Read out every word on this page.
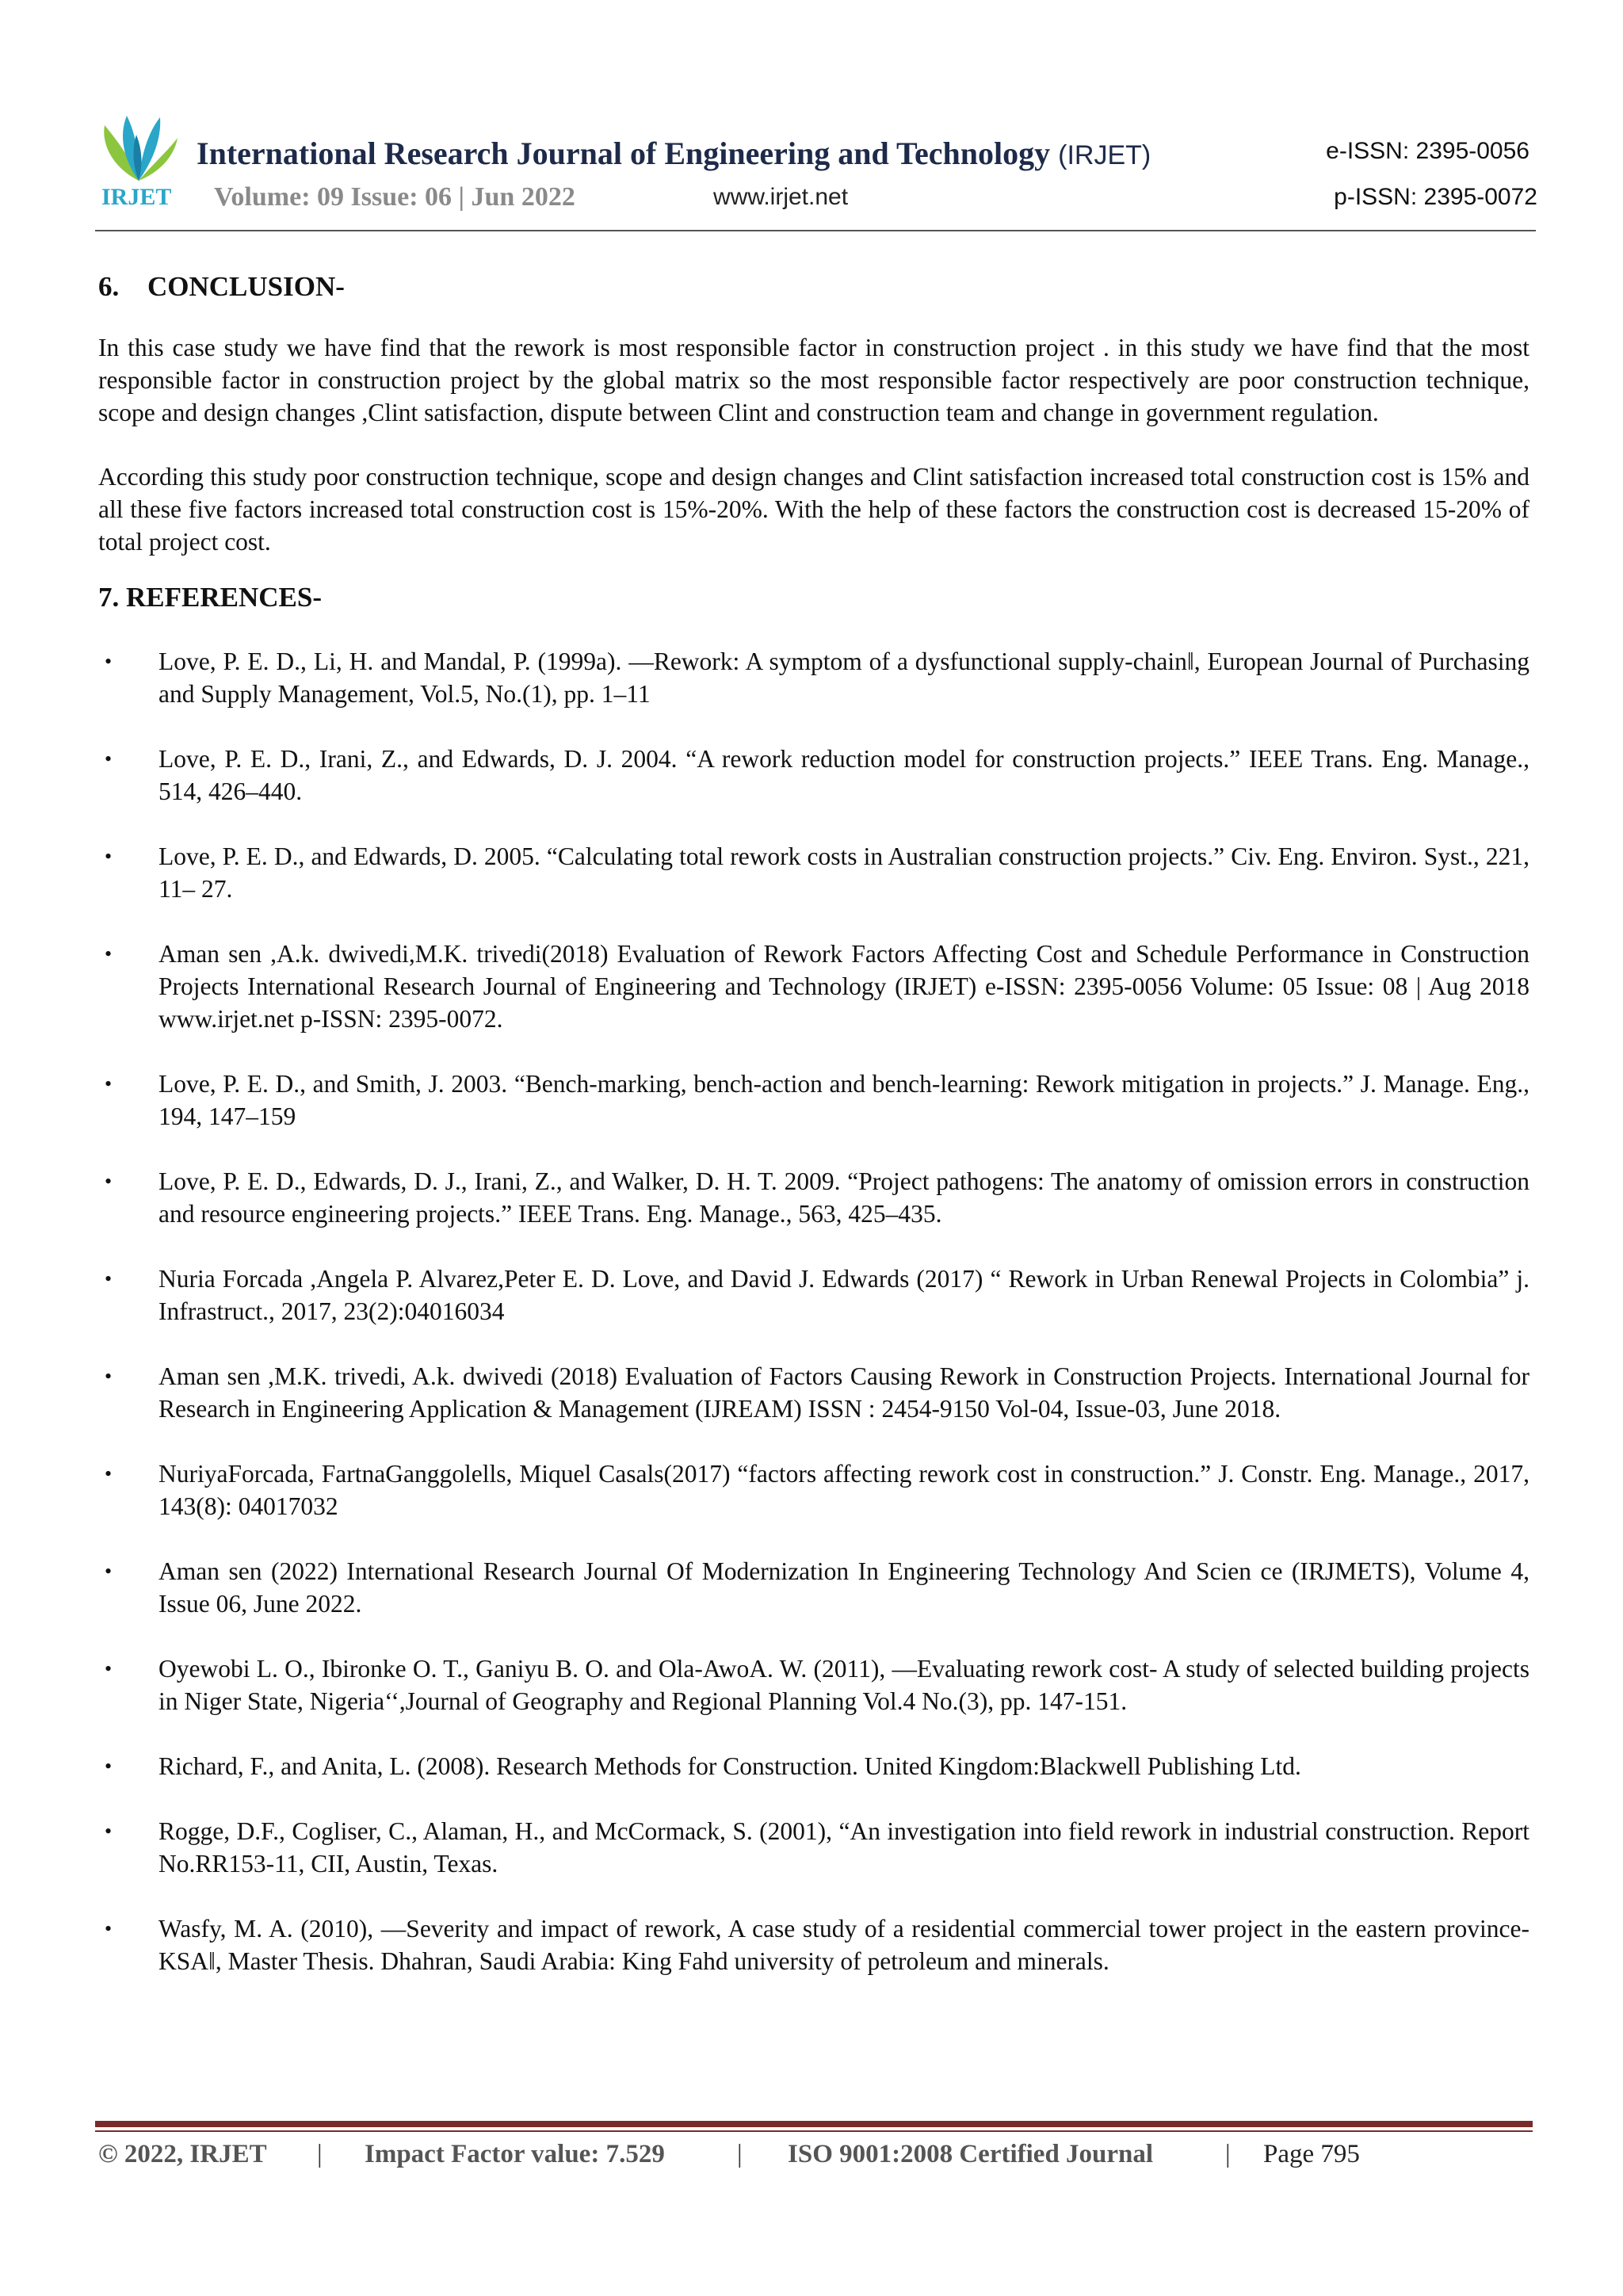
IRJET
International Research Journal of Engineering and Technology (IRJET)	e-ISSN: 2395-0056
Volume: 09 Issue: 06 | Jun 2022	www.irjet.net	p-ISSN: 2395-0072
6. CONCLUSION-

In this case study we have find that the rework is most responsible factor in construction project . in this study we have find that the most responsible factor in construction project by the global matrix so the most responsible factor respectively are poor construction technique, scope and design changes ,Clint satisfaction, dispute between Clint and construction team and change in government regulation.

According this study poor construction technique, scope and design changes and Clint satisfaction increased total construction cost is 15% and all these five factors increased total construction cost is 15%-20%. With the help of these factors the construction cost is decreased 15-20% of total project cost.

7. REFERENCES-
• Love, P. E. D., Li, H. and Mandal, P. (1999a). —Rework: A symptom of a dysfunctional supply-chain‖, European Journal of Purchasing and Supply Management, Vol.5, No.(1), pp. 1–11
• Love, P. E. D., Irani, Z., and Edwards, D. J. 2004. “A rework reduction model for construction projects.” IEEE Trans. Eng. Manage., 514, 426–440.
• Love, P. E. D., and Edwards, D. 2005. “Calculating total rework costs in Australian construction projects.” Civ. Eng. Environ. Syst., 221, 11– 27.
• Aman sen ,A.k. dwivedi,M.K. trivedi(2018) Evaluation of Rework Factors Affecting Cost and Schedule Performance in Construction Projects International Research Journal of Engineering and Technology (IRJET) e-ISSN: 2395-0056 Volume: 05 Issue: 08 | Aug 2018 www.irjet.net p-ISSN: 2395-0072.
• Love, P. E. D., and Smith, J. 2003. “Bench-marking, bench-action and bench-learning: Rework mitigation in projects.” J. Manage. Eng., 194, 147–159
• Love, P. E. D., Edwards, D. J., Irani, Z., and Walker, D. H. T. 2009. “Project pathogens: The anatomy of omission errors in construction and resource engineering projects.” IEEE Trans. Eng. Manage., 563, 425–435.
• Nuria Forcada ,Angela P. Alvarez,Peter E. D. Love, and David J. Edwards (2017) “ Rework in Urban Renewal Projects in Colombia” j. Infrastruct., 2017, 23(2):04016034
• Aman sen ,M.K. trivedi, A.k. dwivedi (2018) Evaluation of Factors Causing Rework in Construction Projects. International Journal for Research in Engineering Application & Management (IJREAM) ISSN : 2454-9150 Vol-04, Issue-03, June 2018.
• NuriyaForcada, FartnaGanggolells, Miquel Casals(2017) “factors affecting rework cost in construction.” J. Constr. Eng. Manage., 2017, 143(8): 04017032
• Aman sen (2022) International Research Journal Of Modernization In Engineering Technology And Scien ce (IRJMETS), Volume 4, Issue 06, June 2022.
• Oyewobi L. O., Ibironke O. T., Ganiyu B. O. and Ola-AwoA. W. (2011), —Evaluating rework cost- A study of selected building projects in Niger State, Nigeria‘‘,Journal of Geography and Regional Planning Vol.4 No.(3), pp. 147-151.
• Richard, F., and Anita, L. (2008). Research Methods for Construction. United Kingdom:Blackwell Publishing Ltd.
• Rogge, D.F., Cogliser, C., Alaman, H., and McCormack, S. (2001), “An investigation into field rework in industrial construction. Report No.RR153-11, CII, Austin, Texas.
• Wasfy, M. A. (2010), —Severity and impact of rework, A case study of a residential commercial tower project in the eastern province-KSA‖, Master Thesis. Dhahran, Saudi Arabia: King Fahd university of petroleum and minerals.
© 2022, IRJET | Impact Factor value: 7.529	| ISO 9001:2008 Certified Journal	| Page 795
